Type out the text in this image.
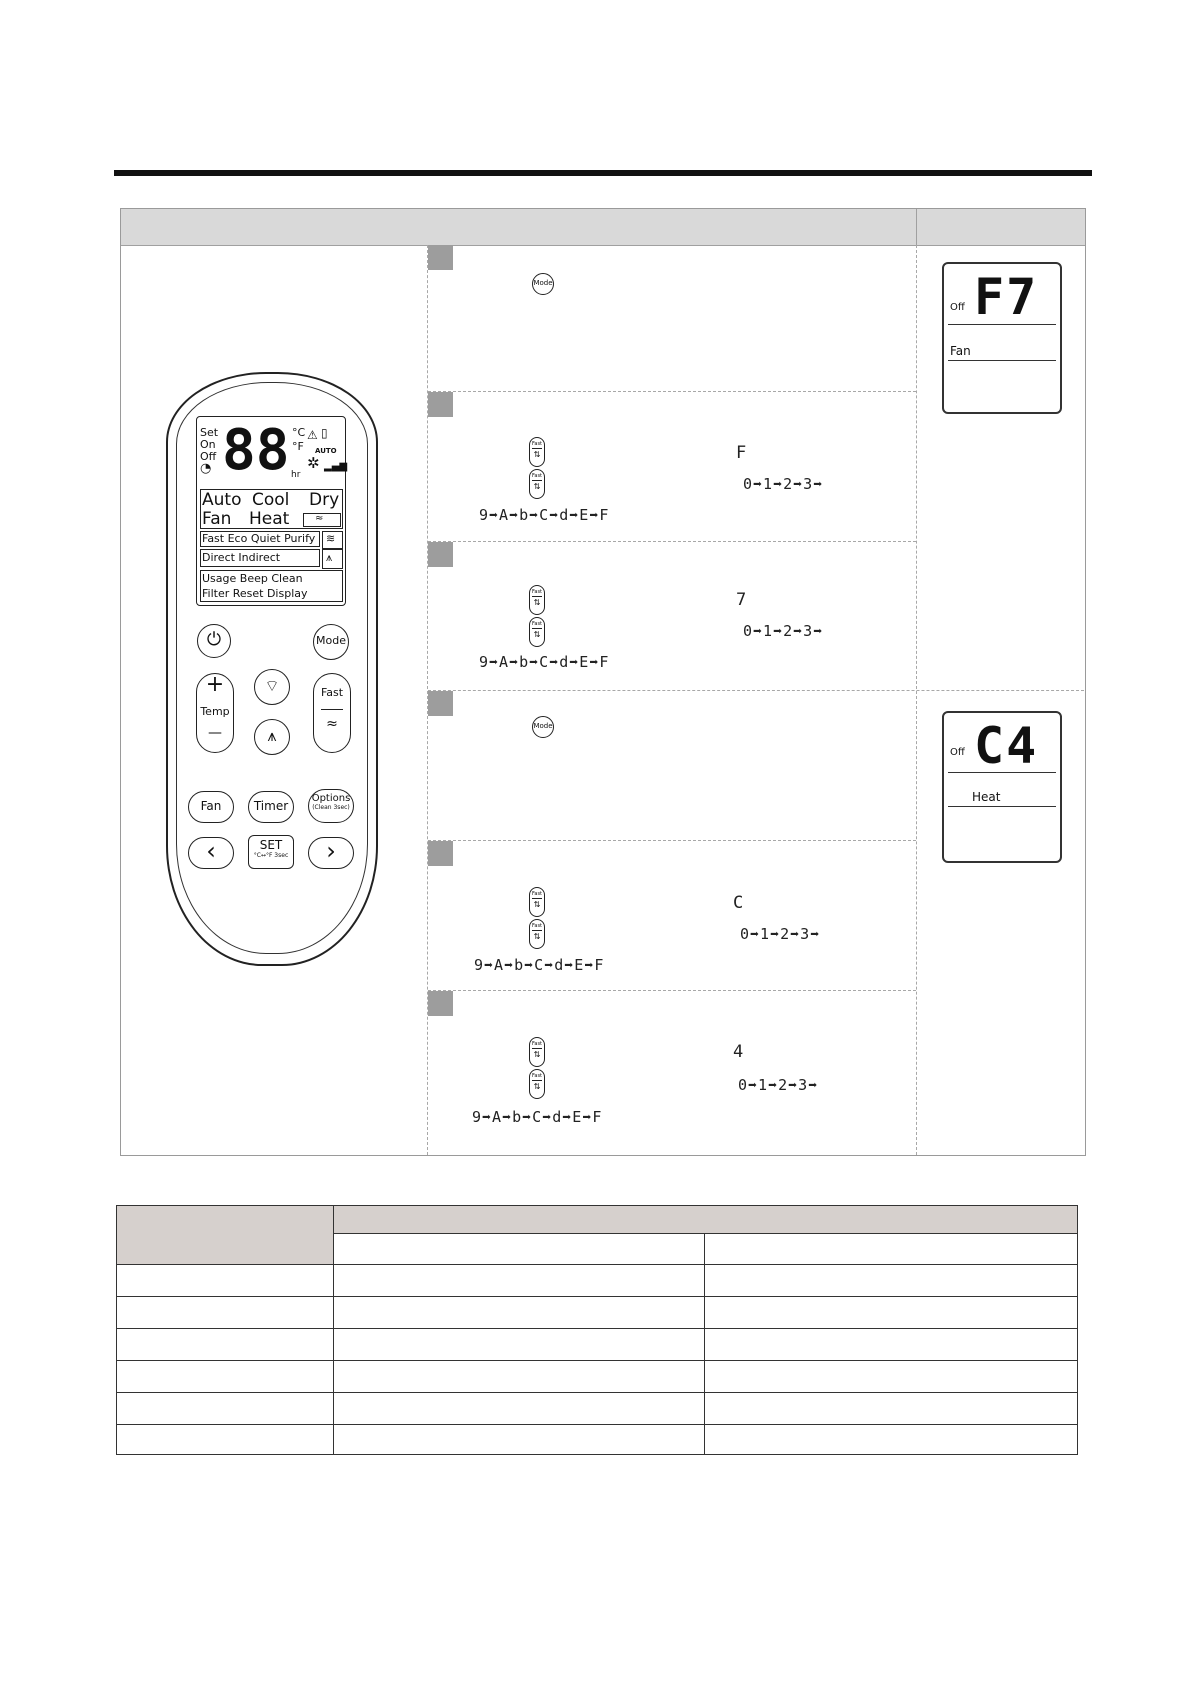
Mode
Fast
⇅
Fast
⇅
F
0➡1➡2➡3➡
9➡A➡b➡C➡d➡E➡F
Fast
⇅
Fast
⇅
7
0➡1➡2➡3➡
9➡A➡b➡C➡d➡E➡F
Mode
Fast
⇅
Fast
⇅
C
0➡1➡2➡3➡
9➡A➡b➡C➡d➡E➡F
Fast
⇅
Fast
⇅
4
0➡1➡2➡3➡
9➡A➡b➡C➡d➡E➡F
Off F7
Fan
Off C4
Heat
Set
On
Off
◔ 88 °C
°F
hr
⚠ ▯
AUTO
✲ ▂▄▆
Auto Cool Dry
Fan Heat	≈
Fast Eco Quiet Purify ≋
Direct Indirect	⩚
Usage Beep Clean
Filter Reset Display
⏻	Mode
+
Temp
—
⌔
⩚
Fast
≈
Fan	Timer
Options
(Clean 3sec)
‹	SET
°C↔°F 3sec	›
